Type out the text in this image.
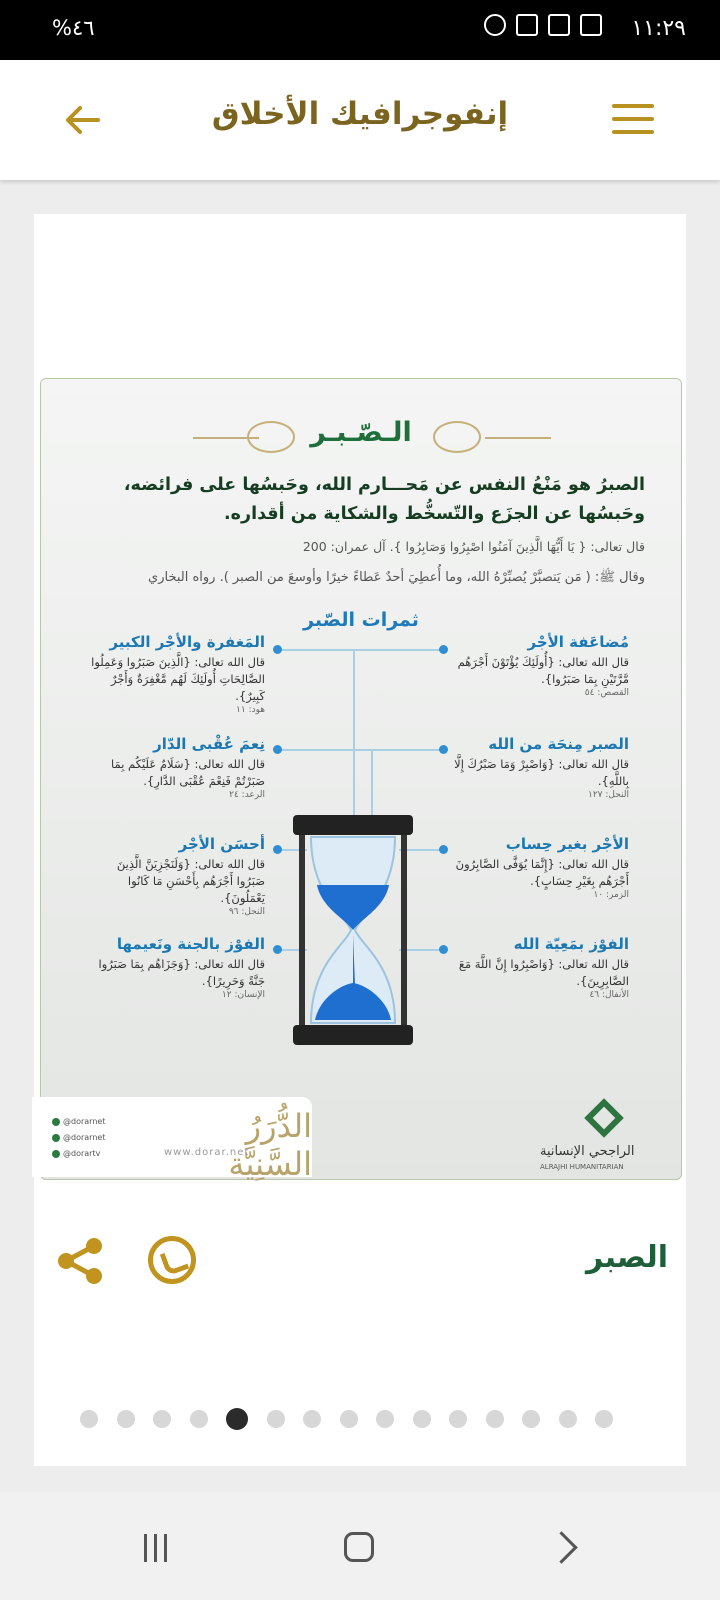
%٤٦	١١:٢٩
إنفوجرافيك الأخلاق
الـصّـبـر
الصبرُ هو مَنْعُ النفس عن مَحـــارم الله، وحَبسُها على فرائضه،
وحَبسُها عن الجزَع والتّسخُّط والشكاية من أقداره.
قال تعالى: { يَا أَيُّهَا الَّذِينَ آمَنُوا اصْبِرُوا وَصَابِرُوا }. آل عمران: 200
وقال ﷺ: ( مَن يَتصبَّرْ يُصبِّرْهُ الله، وما أُعطِيَ أحدٌ عَطاءً خيرًا وأوسعَ من الصبر ). رواه البخاري
ثمرات الصّبر
مُضاعَفة الأجْر
قال الله تعالى: {أُولَئِكَ يُؤْتَوْنَ أَجْرَهُم مَّرَّتَيْنِ بِمَا صَبَرُوا}.
القصص: ٥٤
الصبر مِنحَة من الله
قال الله تعالى: {وَاصْبِرْ وَمَا صَبْرُكَ إِلَّا بِاللَّهِ}.
النحل: ١٢٧
الأجْر بغير حِساب
قال الله تعالى: {إِنَّمَا يُوَفَّى الصَّابِرُونَ أَجْرَهُم بِغَيْرِ حِسَابٍ}.
الزمر: ١٠
الفوْز بمَعِيّة الله
قال الله تعالى: {وَاصْبِرُوا إِنَّ اللَّهَ مَعَ الصَّابِرِينَ}.
الأنفال: ٤٦
المَغفرة والأجْر الكبير
قال الله تعالى: {الَّذِينَ صَبَرُوا وَعَمِلُوا الصَّالِحَاتِ أُولَئِكَ لَهُم مَّغْفِرَةٌ وَأَجْرٌ كَبِيرٌ}.
هود: ١١
نِعمَ عُقْبى الدّار
قال الله تعالى: {سَلَامٌ عَلَيْكُم بِمَا صَبَرْتُمْ فَنِعْمَ عُقْبَى الدَّارِ}.
الرعد: ٢٤
أحسَن الأجْر
قال الله تعالى: {وَلَنَجْزِيَنَّ الَّذِينَ صَبَرُوا أَجْرَهُم بِأَحْسَنِ مَا كَانُوا يَعْمَلُونَ}.
النحل: ٩٦
الفوْز بالجنة ونَعيمها
قال الله تعالى: {وَجَزَاهُم بِمَا صَبَرُوا جَنَّةً وَحَرِيرًا}.
الإنسان: ١٢
الراجحي الإنسانية
ALRAJHI HUMANITARIAN
@dorarnet
@dorarnet
@dorartv
الدُّرَرُ السَّنِيَّة
www.dorar.net
الصبر
